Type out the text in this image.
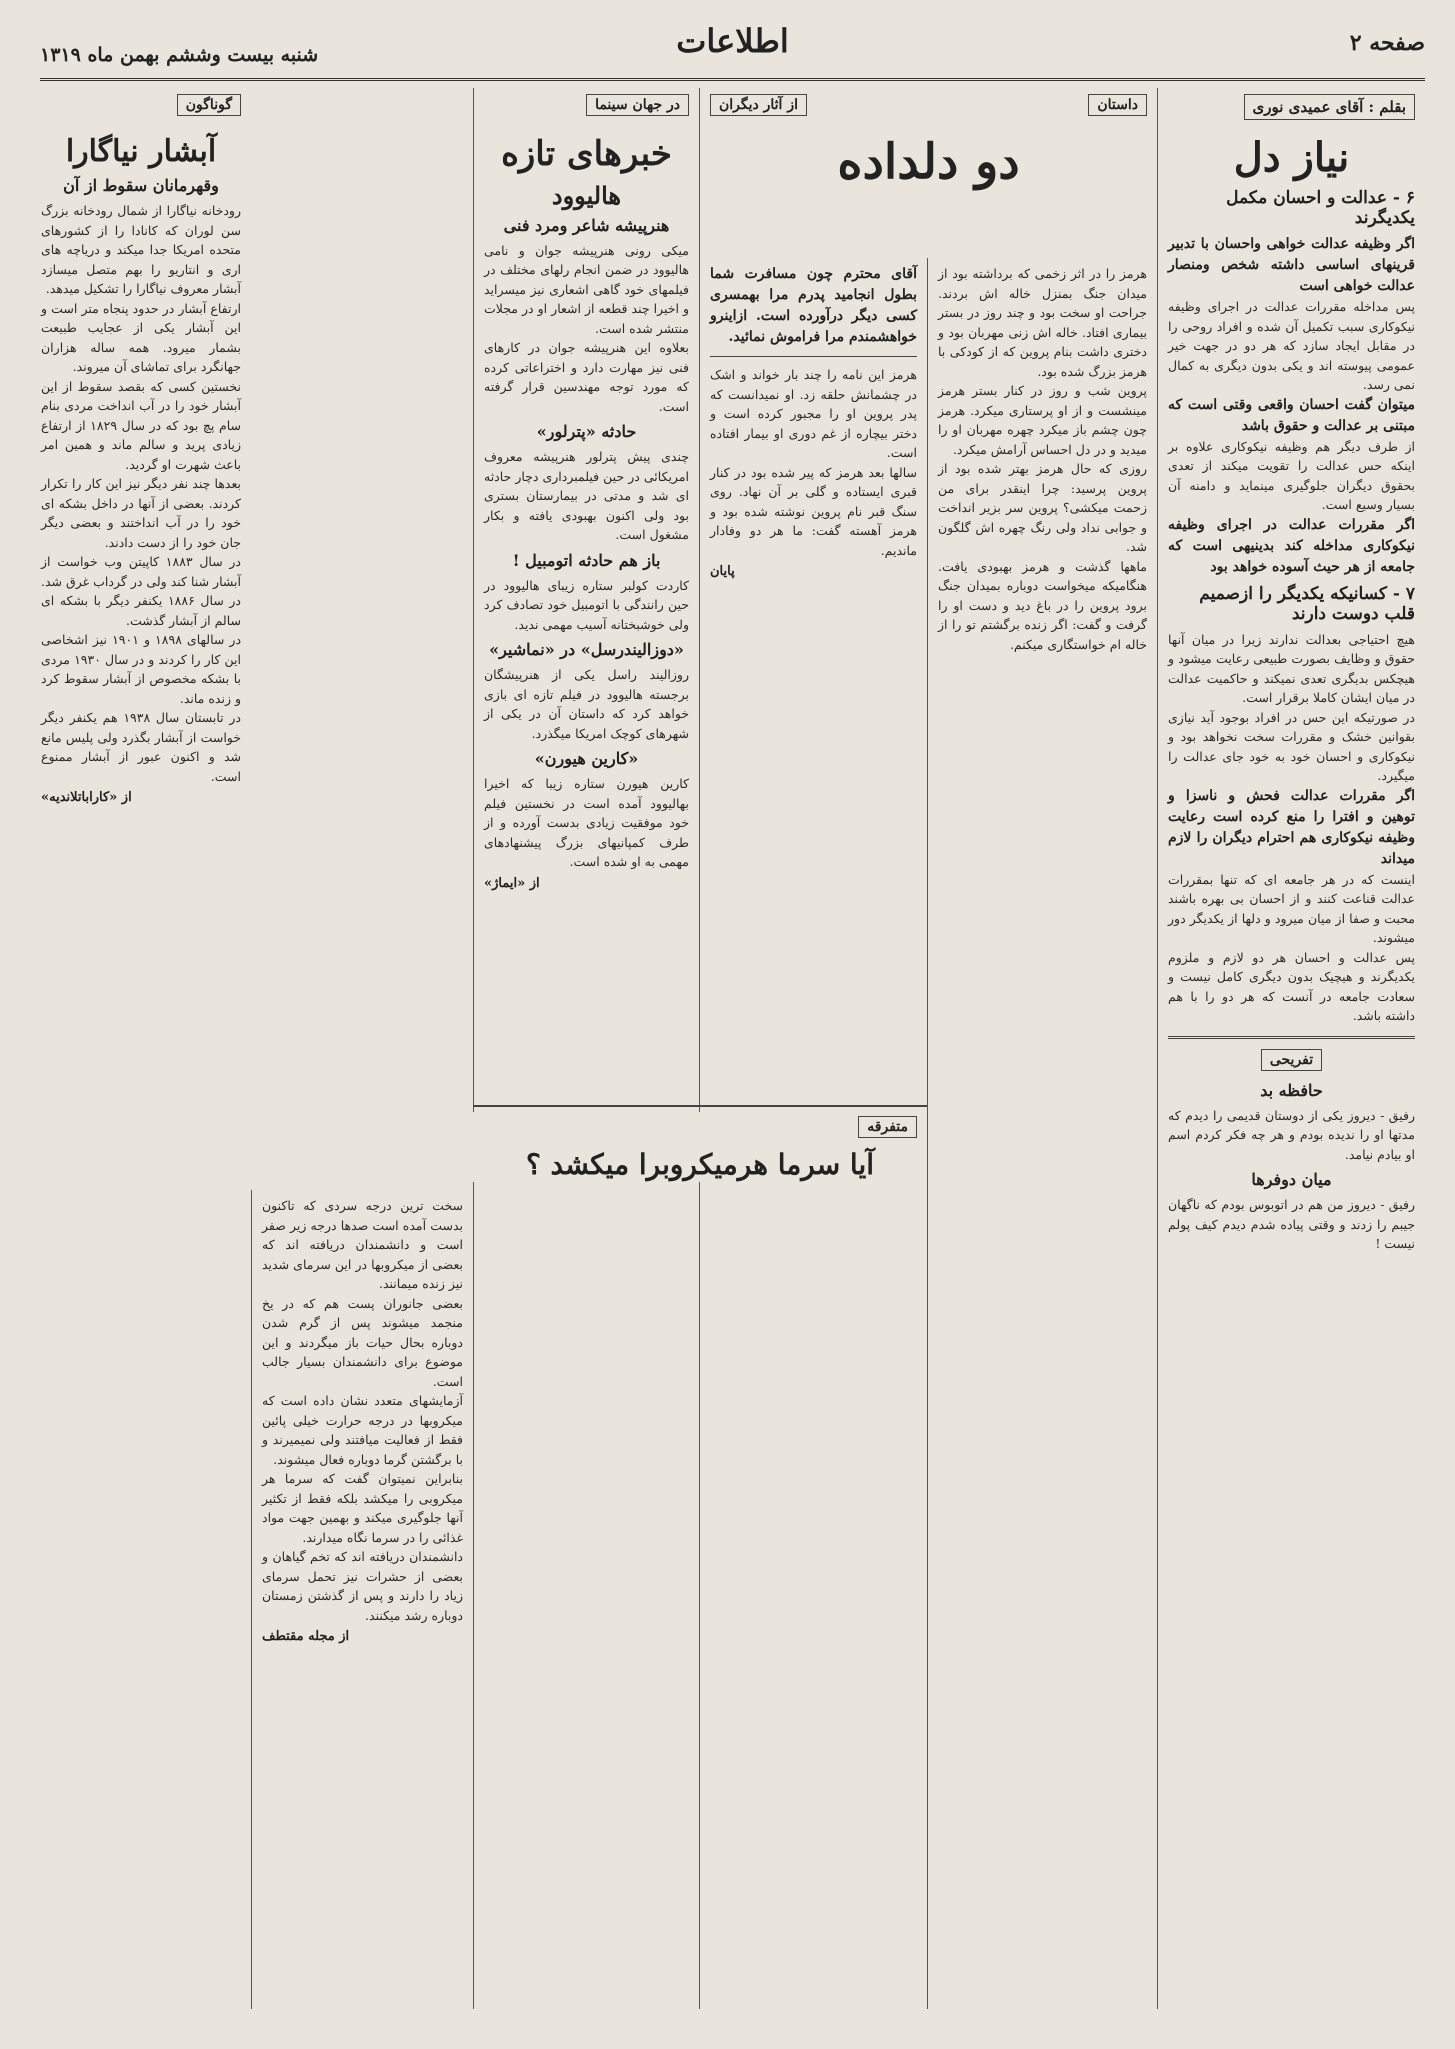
صفحه ۲
اطلاعات
شنبه بیست وششم بهمن ماه ۱۳۱۹
بقلم : آقای عمیدی نوری
نیاز دل
۶ - عدالت و احسان مکمل یکدیگرند
اگر وظیفه عدالت خواهی واحسان با تدبیر قرینهای اساسی داشته شخص ومنصار عدالت خواهی است
پس مداخله مقررات عدالت در اجرای وظیفه نیکوکاری سبب تکمیل آن شده و افراد روحی را در مقابل ایجاد سازد که هر دو در جهت خیر عمومی پیوسته اند و یکی بدون دیگری به کمال نمی رسد.
میتوان گفت احسان واقعی وقتی است که مبتنی بر عدالت و حقوق باشد
از طرف دیگر هم وظیفه نیکوکاری علاوه بر اینکه حس عدالت را تقویت میکند از تعدی بحقوق دیگران جلوگیری مینماید و دامنه آن بسیار وسیع است.
اگر مقررات عدالت در اجرای وظیفه نیکوکاری مداخله کند بدینیهی است که جامعه از هر حیث آسوده خواهد بود
۷ - کسانیکه یکدیگر را ازصمیم قلب دوست دارند
هیچ احتیاجی بعدالت ندارند زیرا در میان آنها حقوق و وظایف بصورت طبیعی رعایت میشود و هیچکس بدیگری تعدی نمیکند و حاکمیت عدالت در میان ایشان کاملا برقرار است.
در صورتیکه این حس در افراد بوجود آید نیازی بقوانین خشک و مقررات سخت نخواهد بود و نیکوکاری و احسان خود به خود جای عدالت را میگیرد.
اگر مقررات عدالت فحش و ناسزا و توهین و افترا را منع کرده است رعایت وظیفه نیکوکاری هم احترام دیگران را لازم میداند
اینست که در هر جامعه ای که تنها بمقررات عدالت قناعت کنند و از احسان بی بهره باشند محبت و صفا از میان میرود و دلها از یکدیگر دور میشوند.
پس عدالت و احسان هر دو لازم و ملزوم یکدیگرند و هیچیک بدون دیگری کامل نیست و سعادت جامعه در آنست که هر دو را با هم داشته باشد.
تفریحی
حافظه بد
رفیق - دیروز یکی از دوستان قدیمی را دیدم که مدتها او را ندیده بودم و هر چه فکر کردم اسم او بیادم نیامد.
میان دوفرها
رفیق - دیروز من هم در اتوبوس بودم که ناگهان جیبم را زدند و وقتی پیاده شدم دیدم کیف پولم نیست !
داستان
از آثار دیگران
دو دلداده
هرمز را در اثر زخمی که برداشته بود از میدان جنگ بمنزل خاله اش بردند. جراحت او سخت بود و چند روز در بستر بیماری افتاد. خاله اش زنی مهربان بود و دختری داشت بنام پروین که از کودکی با هرمز بزرگ شده بود.
پروین شب و روز در کنار بستر هرمز مینشست و از او پرستاری میکرد. هرمز چون چشم باز میکرد چهره مهربان او را میدید و در دل احساس آرامش میکرد.
روزی که حال هرمز بهتر شده بود از پروین پرسید: چرا اینقدر برای من زحمت میکشی؟ پروین سر بزیر انداخت و جوابی نداد ولی رنگ چهره اش گلگون شد.
ماهها گذشت و هرمز بهبودی یافت. هنگامیکه میخواست دوباره بمیدان جنگ برود پروین را در باغ دید و دست او را گرفت و گفت: اگر زنده برگشتم تو را از خاله ام خواستگاری میکنم.
آقای محترم چون مسافرت شما بطول انجامید پدرم مرا بهمسری کسی دیگر درآورده است. ازاینرو خواهشمندم مرا فراموش نمائید.
هرمز این نامه را چند بار خواند و اشک در چشمانش حلقه زد. او نمیدانست که پدر پروین او را مجبور کرده است و دختر بیچاره از غم دوری او بیمار افتاده است.
سالها بعد هرمز که پیر شده بود در کنار قبری ایستاده و گلی بر آن نهاد. روی سنگ قبر نام پروین نوشته شده بود و هرمز آهسته گفت: ما هر دو وفادار ماندیم.
پایان
در جهان سینما
خبرهای تازه
هالیوود
هنرپیشه شاعر ومرد فنی
میکی رونی هنرپیشه جوان و نامی هالیوود در ضمن انجام رلهای مختلف در فیلمهای خود گاهی اشعاری نیز میسراید و اخیرا چند قطعه از اشعار او در مجلات منتشر شده است.
بعلاوه این هنرپیشه جوان در کارهای فنی نیز مهارت دارد و اختراعاتی کرده که مورد توجه مهندسین قرار گرفته است.
حادثه «پترلور»
چندی پیش پترلور هنرپیشه معروف امریکائی در حین فیلمبرداری دچار حادثه ای شد و مدتی در بیمارستان بستری بود ولی اکنون بهبودی یافته و بکار مشغول است.
باز هم حادثه اتومبیل !
کاردت کولبر ستاره زیبای هالیوود در حین رانندگی با اتومبیل خود تصادف کرد ولی خوشبختانه آسیب مهمی ندید.
«دوزالیندرسل» در «نماشیر»
روزالیند راسل یکی از هنرپیشگان برجسته هالیوود در فیلم تازه ای بازی خواهد کرد که داستان آن در یکی از شهرهای کوچک امریکا میگذرد.
«کارین هیورن»
کارین هیورن ستاره زیبا که اخیرا بهالیوود آمده است در نخستین فیلم خود موفقیت زیادی بدست آورده و از طرف کمپانیهای بزرگ پیشنهادهای مهمی به او شده است.
از «ایماژ»
سخت ترین درجه سردی که تاکنون بدست آمده است صدها درجه زیر صفر است و دانشمندان دریافته اند که بعضی از میکروبها در این سرمای شدید نیز زنده میمانند.
بعضی جانوران پست هم که در یخ منجمد میشوند پس از گرم شدن دوباره بحال حیات باز میگردند و این موضوع برای دانشمندان بسیار جالب است.
آزمایشهای متعدد نشان داده است که میکروبها در درجه حرارت خیلی پائین فقط از فعالیت میافتند ولی نمیمیرند و با برگشتن گرما دوباره فعال میشوند.
بنابراین نمیتوان گفت که سرما هر میکروبی را میکشد بلکه فقط از تکثیر آنها جلوگیری میکند و بهمین جهت مواد غذائی را در سرما نگاه میدارند.
دانشمندان دریافته اند که تخم گیاهان و بعضی از حشرات نیز تحمل سرمای زیاد را دارند و پس از گذشتن زمستان دوباره رشد میکنند.
از مجله مقتطف
متفرقه
آیا سرما هرمیکروبرا میکشد ؟
گوناگون
آبشار نیاگارا
وقهرمانان سقوط از آن
رودخانه نیاگارا از شمال رودخانه بزرگ سن لوران که کانادا را از کشورهای متحده امریکا جدا میکند و دریاچه های اری و انتاریو را بهم متصل میسازد آبشار معروف نیاگارا را تشکیل میدهد.
ارتفاع آبشار در حدود پنجاه متر است و این آبشار یکی از عجایب طبیعت بشمار میرود. همه ساله هزاران جهانگرد برای تماشای آن میروند.
نخستین کسی که بقصد سقوط از این آبشار خود را در آب انداخت مردی بنام سام پچ بود که در سال ۱۸۲۹ از ارتفاع زیادی پرید و سالم ماند و همین امر باعث شهرت او گردید.
بعدها چند نفر دیگر نیز این کار را تکرار کردند. بعضی از آنها در داخل بشکه ای خود را در آب انداختند و بعضی دیگر جان خود را از دست دادند.
در سال ۱۸۸۳ کاپیتن وب خواست از آبشار شنا کند ولی در گرداب غرق شد. در سال ۱۸۸۶ یکنفر دیگر با بشکه ای سالم از آبشار گذشت.
در سالهای ۱۸۹۸ و ۱۹۰۱ نیز اشخاصی این کار را کردند و در سال ۱۹۳۰ مردی با بشکه مخصوص از آبشار سقوط کرد و زنده ماند.
در تابستان سال ۱۹۳۸ هم یکنفر دیگر خواست از آبشار بگذرد ولی پلیس مانع شد و اکنون عبور از آبشار ممنوع است.
از «کاراباتلاندیه»
